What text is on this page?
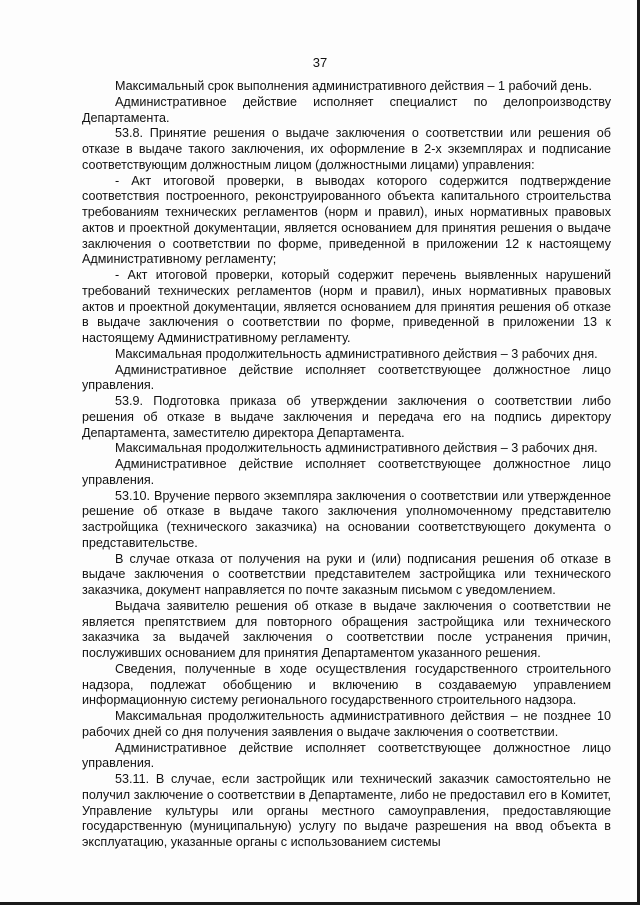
37

Максимальный срок выполнения административного действия – 1 рабочий день.

Административное действие исполняет специалист по делопроизводству Департамента.

53.8. Принятие решения о выдаче заключения о соответствии или решения об отказе в выдаче такого заключения, их оформление в 2-х экземплярах и подписание соответствующим должностным лицом (должностными лицами) управления:

- Акт итоговой проверки, в выводах которого содержится подтверждение соответствия построенного, реконструированного объекта капитального строительства требованиям технических регламентов (норм и правил), иных нормативных правовых актов и проектной документации, является основанием для принятия решения о выдаче заключения о соответствии по форме, приведенной в приложении 12 к настоящему Административному регламенту;

- Акт итоговой проверки, который содержит перечень выявленных нарушений требований технических регламентов (норм и правил), иных нормативных правовых актов и проектной документации, является основанием для принятия решения об отказе в выдаче заключения о соответствии по форме, приведенной в приложении 13 к настоящему Административному регламенту.

Максимальная продолжительность административного действия – 3 рабочих дня.

Административное действие исполняет соответствующее должностное лицо управления.

53.9. Подготовка приказа об утверждении заключения о соответствии либо решения об отказе в выдаче заключения и передача его на подпись директору Департамента, заместителю директора Департамента.

Максимальная продолжительность административного действия – 3 рабочих дня.

Административное действие исполняет соответствующее должностное лицо управления.

53.10. Вручение первого экземпляра заключения о соответствии или утвержденное решение об отказе в выдаче такого заключения уполномоченному представителю застройщика (технического заказчика) на основании соответствующего документа о представительстве.

В случае отказа от получения на руки и (или) подписания решения об отказе в выдаче заключения о соответствии представителем застройщика или технического заказчика, документ направляется по почте заказным письмом с уведомлением.

Выдача заявителю решения об отказе в выдаче заключения о соответствии не является препятствием для повторного обращения застройщика или технического заказчика за выдачей заключения о соответствии после устранения причин, послуживших основанием для принятия Департаментом указанного решения.

Сведения, полученные в ходе осуществления государственного строительного надзора, подлежат обобщению и включению в создаваемую управлением информационную систему регионального государственного строительного надзора.

Максимальная продолжительность административного действия – не позднее 10 рабочих дней со дня получения заявления о выдаче заключения о соответствии.

Административное действие исполняет соответствующее должностное лицо управления.

53.11. В случае, если застройщик или технический заказчик самостоятельно не получил заключение о соответствии в Департаменте, либо не предоставил его в Комитет, Управление культуры или органы местного самоуправления, предоставляющие государственную (муниципальную) услугу по выдаче разрешения на ввод объекта в эксплуатацию, указанные органы с использованием системы
